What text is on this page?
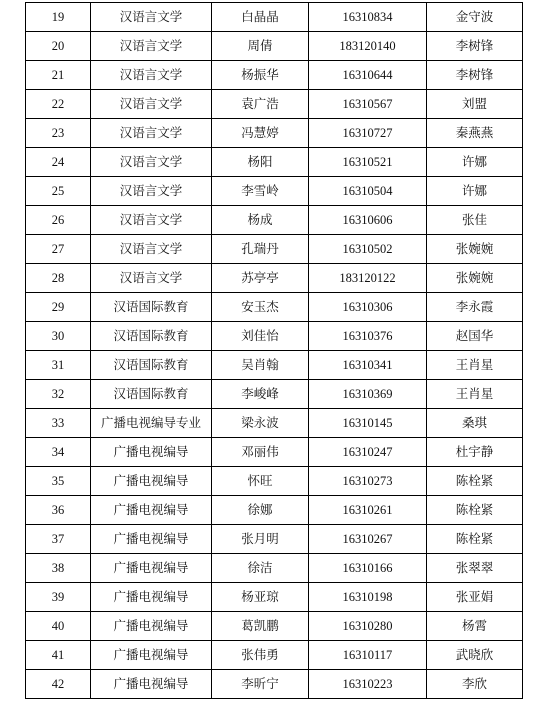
19	汉语言文学	白晶晶	16310834	金守波
20	汉语言文学	周倩	183120140	李树锋
21	汉语言文学	杨振华	16310644	李树锋
22	汉语言文学	袁广浩	16310567	刘盟
23	汉语言文学	冯慧婷	16310727	秦燕燕
24	汉语言文学	杨阳	16310521	许娜
25	汉语言文学	李雪岭	16310504	许娜
26	汉语言文学	杨成	16310606	张佳
27	汉语言文学	孔瑞丹	16310502	张婉婉
28	汉语言文学	苏亭亭	183120122	张婉婉
29	汉语国际教育	安玉杰	16310306	李永霞
30	汉语国际教育	刘佳怡	16310376	赵国华
31	汉语国际教育	吴肖翰	16310341	王肖星
32	汉语国际教育	李峻峰	16310369	王肖星
33	广播电视编导专业	梁永波	16310145	桑琪
34	广播电视编导	邓丽伟	16310247	杜宇静
35	广播电视编导	怀旺	16310273	陈栓紧
36	广播电视编导	徐娜	16310261	陈栓紧
37	广播电视编导	张月明	16310267	陈栓紧
38	广播电视编导	徐洁	16310166	张翠翠
39	广播电视编导	杨亚琼	16310198	张亚娟
40	广播电视编导	葛凯鹏	16310280	杨霄
41	广播电视编导	张伟勇	16310117	武晓欣
42	广播电视编导	李昕宁	16310223	李欣
